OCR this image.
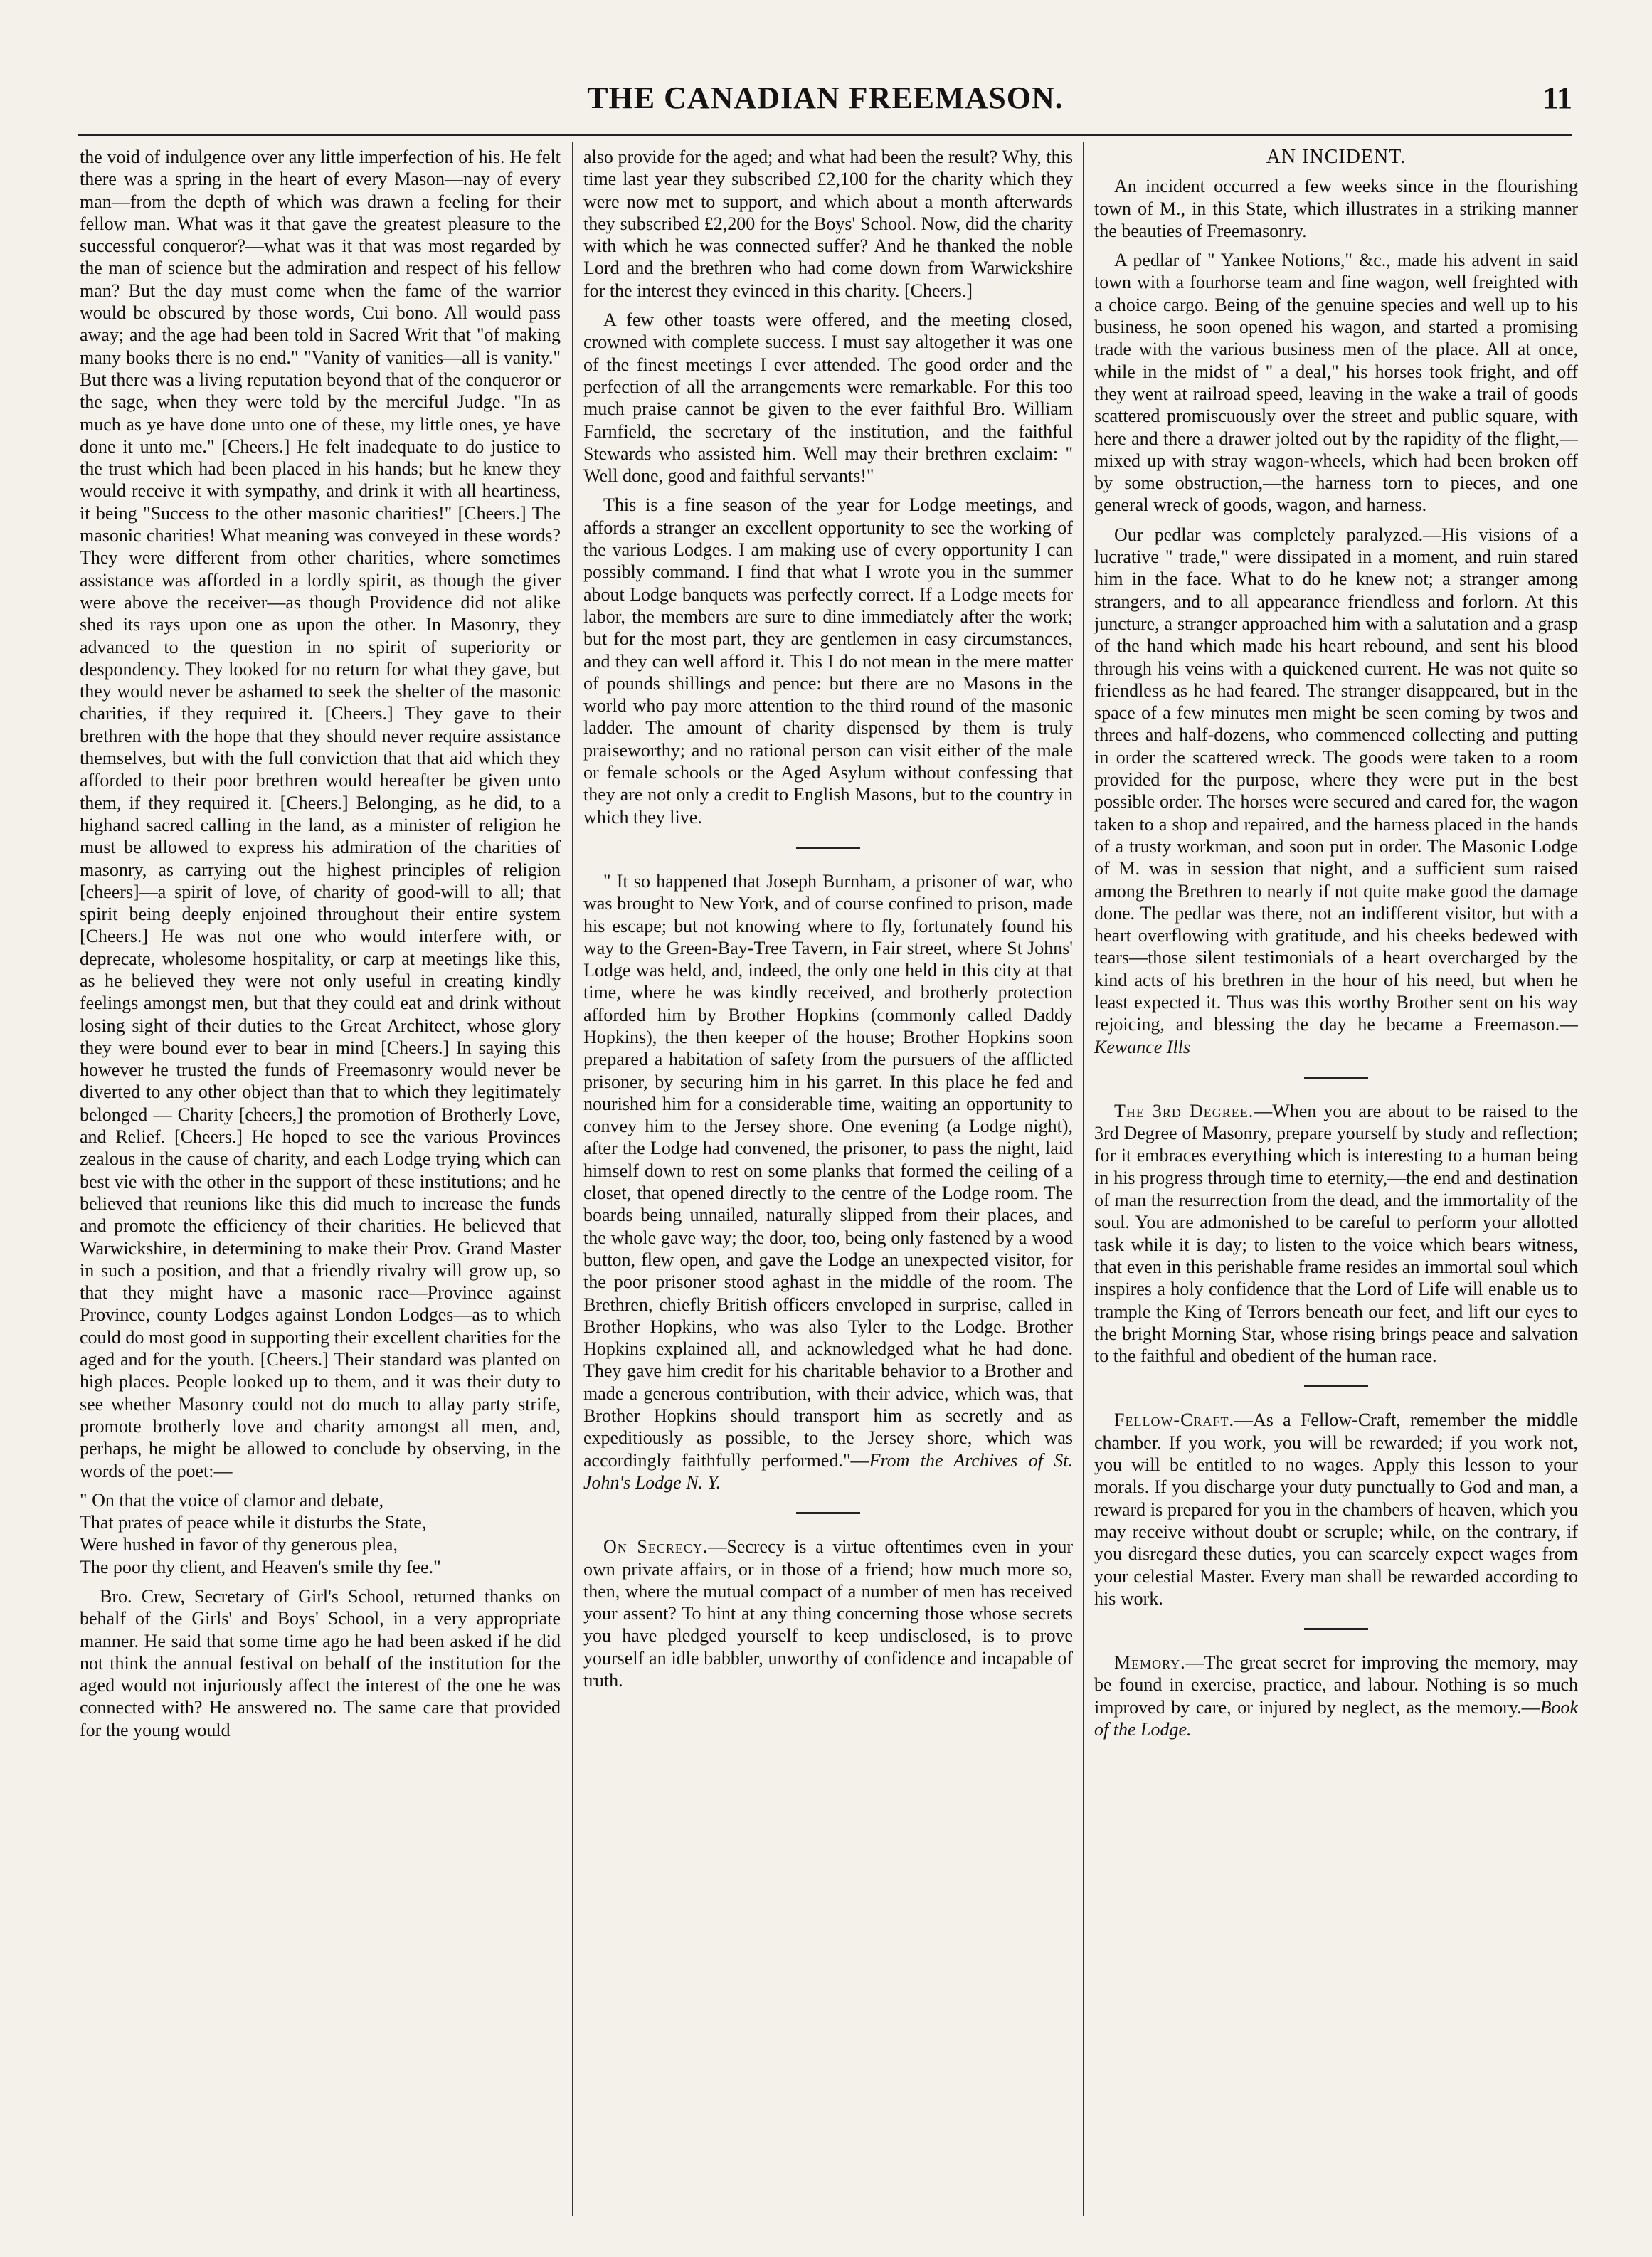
THE CANADIAN FREEMASON.	11

the void of indulgence over any little imperfection of his. He felt there was a spring in the heart of every Mason—nay of every man—from the depth of which was drawn a feeling for their fellow man. What was it that gave the greatest pleasure to the successful conqueror?—what was it that was most regarded by the man of science but the admiration and respect of his fellow man? But the day must come when the fame of the warrior would be obscured by those words, Cui bono. All would pass away; and the age had been told in Sacred Writ that "of making many books there is no end." "Vanity of vanities—all is vanity." But there was a living reputation beyond that of the conqueror or the sage, when they were told by the merciful Judge. "In as much as ye have done unto one of these, my little ones, ye have done it unto me." [Cheers.] He felt inadequate to do justice to the trust which had been placed in his hands; but he knew they would receive it with sympathy, and drink it with all heartiness, it being "Success to the other masonic charities!" [Cheers.] The masonic charities! What meaning was conveyed in these words? They were different from other charities, where sometimes assistance was afforded in a lordly spirit, as though the giver were above the receiver—as though Providence did not alike shed its rays upon one as upon the other. In Masonry, they advanced to the question in no spirit of superiority or despondency. They looked for no return for what they gave, but they would never be ashamed to seek the shelter of the masonic charities, if they required it. [Cheers.] They gave to their brethren with the hope that they should never require assistance themselves, but with the full conviction that that aid which they afforded to their poor brethren would hereafter be given unto them, if they required it. [Cheers.] Belonging, as he did, to a highand sacred calling in the land, as a minister of religion he must be allowed to express his admiration of the charities of masonry, as carrying out the highest principles of religion [cheers]—a spirit of love, of charity of good-will to all; that spirit being deeply enjoined throughout their entire system [Cheers.] He was not one who would interfere with, or deprecate, wholesome hospitality, or carp at meetings like this, as he believed they were not only useful in creating kindly feelings amongst men, but that they could eat and drink without losing sight of their duties to the Great Architect, whose glory they were bound ever to bear in mind [Cheers.] In saying this however he trusted the funds of Freemasonry would never be diverted to any other object than that to which they legitimately belonged — Charity [cheers,] the promotion of Brotherly Love, and Relief. [Cheers.] He hoped to see the various Provinces zealous in the cause of charity, and each Lodge trying which can best vie with the other in the support of these institutions; and he believed that reunions like this did much to increase the funds and promote the efficiency of their charities. He believed that Warwickshire, in determining to make their Prov. Grand Master in such a position, and that a friendly rivalry will grow up, so that they might have a masonic race—Province against Province, county Lodges against London Lodges—as to which could do most good in supporting their excellent charities for the aged and for the youth. [Cheers.] Their standard was planted on high places. People looked up to them, and it was their duty to see whether Masonry could not do much to allay party strife, promote brotherly love and charity amongst all men, and, perhaps, he might be allowed to conclude by observing, in the words of the poet:—

" On that the voice of clamor and debate,
That prates of peace while it disturbs the State,
Were hushed in favor of thy generous plea,
The poor thy client, and Heaven's smile thy fee."

Bro. Crew, Secretary of Girl's School, returned thanks on behalf of the Girls' and Boys' School, in a very appropriate manner. He said that some time ago he had been asked if he did not think the annual festival on behalf of the institution for the aged would not injuriously affect the interest of the one he was connected with? He answered no. The same care that provided for the young would

also provide for the aged; and what had been the result? Why, this time last year they subscribed £2,100 for the charity which they were now met to support, and which about a month afterwards they subscribed £2,200 for the Boys' School. Now, did the charity with which he was connected suffer? And he thanked the noble Lord and the brethren who had come down from Warwickshire for the interest they evinced in this charity. [Cheers.]

A few other toasts were offered, and the meeting closed, crowned with complete success. I must say altogether it was one of the finest meetings I ever attended. The good order and the perfection of all the arrangements were remarkable. For this too much praise cannot be given to the ever faithful Bro. William Farnfield, the secretary of the institution, and the faithful Stewards who assisted him. Well may their brethren exclaim: " Well done, good and faithful servants!"

This is a fine season of the year for Lodge meetings, and affords a stranger an excellent opportunity to see the working of the various Lodges. I am making use of every opportunity I can possibly command. I find that what I wrote you in the summer about Lodge banquets was perfectly correct. If a Lodge meets for labor, the members are sure to dine immediately after the work; but for the most part, they are gentlemen in easy circumstances, and they can well afford it. This I do not mean in the mere matter of pounds shillings and pence: but there are no Masons in the world who pay more attention to the third round of the masonic ladder. The amount of charity dispensed by them is truly praiseworthy; and no rational person can visit either of the male or female schools or the Aged Asylum without confessing that they are not only a credit to English Masons, but to the country in which they live.

" It so happened that Joseph Burnham, a prisoner of war, who was brought to New York, and of course confined to prison, made his escape; but not knowing where to fly, fortunately found his way to the Green-Bay-Tree Tavern, in Fair street, where St Johns' Lodge was held, and, indeed, the only one held in this city at that time, where he was kindly received, and brotherly protection afforded him by Brother Hopkins (commonly called Daddy Hopkins), the then keeper of the house; Brother Hopkins soon prepared a habitation of safety from the pursuers of the afflicted prisoner, by securing him in his garret. In this place he fed and nourished him for a considerable time, waiting an opportunity to convey him to the Jersey shore. One evening (a Lodge night), after the Lodge had convened, the prisoner, to pass the night, laid himself down to rest on some planks that formed the ceiling of a closet, that opened directly to the centre of the Lodge room. The boards being unnailed, naturally slipped from their places, and the whole gave way; the door, too, being only fastened by a wood button, flew open, and gave the Lodge an unexpected visitor, for the poor prisoner stood aghast in the middle of the room. The Brethren, chiefly British officers enveloped in surprise, called in Brother Hopkins, who was also Tyler to the Lodge. Brother Hopkins explained all, and acknowledged what he had done. They gave him credit for his charitable behavior to a Brother and made a generous contribution, with their advice, which was, that Brother Hopkins should transport him as secretly and as expeditiously as possible, to the Jersey shore, which was accordingly faithfully performed."—From the Archives of St. John's Lodge N. Y.

On Secrecy.—Secrecy is a virtue oftentimes even in your own private affairs, or in those of a friend; how much more so, then, where the mutual compact of a number of men has received your assent? To hint at any thing concerning those whose secrets you have pledged yourself to keep undisclosed, is to prove yourself an idle babbler, unworthy of confidence and incapable of truth.

AN INCIDENT.

An incident occurred a few weeks since in the flourishing town of M., in this State, which illustrates in a striking manner the beauties of Freemasonry.

A pedlar of " Yankee Notions," &c., made his advent in said town with a fourhorse team and fine wagon, well freighted with a choice cargo. Being of the genuine species and well up to his business, he soon opened his wagon, and started a promising trade with the various business men of the place. All at once, while in the midst of " a deal," his horses took fright, and off they went at railroad speed, leaving in the wake a trail of goods scattered promiscuously over the street and public square, with here and there a drawer jolted out by the rapidity of the flight,—mixed up with stray wagon-wheels, which had been broken off by some obstruction,—the harness torn to pieces, and one general wreck of goods, wagon, and harness.

Our pedlar was completely paralyzed.—His visions of a lucrative " trade," were dissipated in a moment, and ruin stared him in the face. What to do he knew not; a stranger among strangers, and to all appearance friendless and forlorn. At this juncture, a stranger approached him with a salutation and a grasp of the hand which made his heart rebound, and sent his blood through his veins with a quickened current. He was not quite so friendless as he had feared. The stranger disappeared, but in the space of a few minutes men might be seen coming by twos and threes and half-dozens, who commenced collecting and putting in order the scattered wreck. The goods were taken to a room provided for the purpose, where they were put in the best possible order. The horses were secured and cared for, the wagon taken to a shop and repaired, and the harness placed in the hands of a trusty workman, and soon put in order. The Masonic Lodge of M. was in session that night, and a sufficient sum raised among the Brethren to nearly if not quite make good the damage done. The pedlar was there, not an indifferent visitor, but with a heart overflowing with gratitude, and his cheeks bedewed with tears—those silent testimonials of a heart overcharged by the kind acts of his brethren in the hour of his need, but when he least expected it. Thus was this worthy Brother sent on his way rejoicing, and blessing the day he became a Freemason.—Kewance Ills

The 3rd Degree.—When you are about to be raised to the 3rd Degree of Masonry, prepare yourself by study and reflection; for it embraces everything which is interesting to a human being in his progress through time to eternity,—the end and destination of man the resurrection from the dead, and the immortality of the soul. You are admonished to be careful to perform your allotted task while it is day; to listen to the voice which bears witness, that even in this perishable frame resides an immortal soul which inspires a holy confidence that the Lord of Life will enable us to trample the King of Terrors beneath our feet, and lift our eyes to the bright Morning Star, whose rising brings peace and salvation to the faithful and obedient of the human race.

Fellow-Craft.—As a Fellow-Craft, remember the middle chamber. If you work, you will be rewarded; if you work not, you will be entitled to no wages. Apply this lesson to your morals. If you discharge your duty punctually to God and man, a reward is prepared for you in the chambers of heaven, which you may receive without doubt or scruple; while, on the contrary, if you disregard these duties, you can scarcely expect wages from your celestial Master. Every man shall be rewarded according to his work.

Memory.—The great secret for improving the memory, may be found in exercise, practice, and labour. Nothing is so much improved by care, or injured by neglect, as the memory.—Book of the Lodge.
